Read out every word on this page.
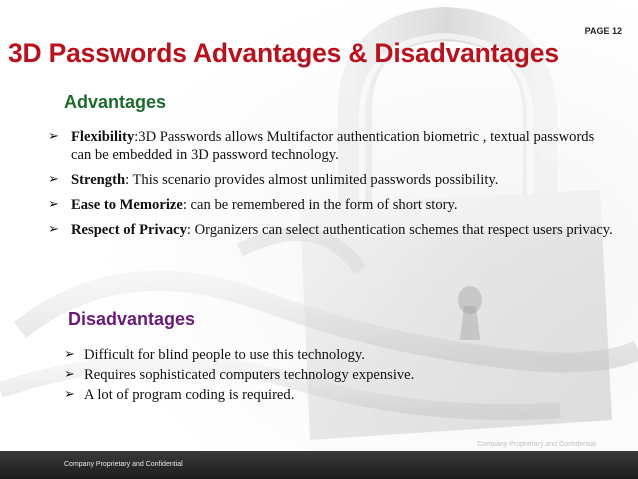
PAGE 12
3D Passwords Advantages & Disadvantages
Advantages
➢ Flexibility:3D Passwords allows Multifactor authentication biometric , textual passwords can be embedded in 3D password technology.
➢ Strength: This scenario provides almost unlimited passwords possibility.
➢ Ease to Memorize: can be remembered in the form of short story.
➢ Respect of Privacy: Organizers can select authentication schemes that respect users privacy.
Disadvantages
➢ Difficult for blind people to use this technology.
➢ Requires sophisticated computers technology expensive.
➢ A lot of program coding is required.
Company Proprietary and Confidential
Company Proprietary and Confidential
